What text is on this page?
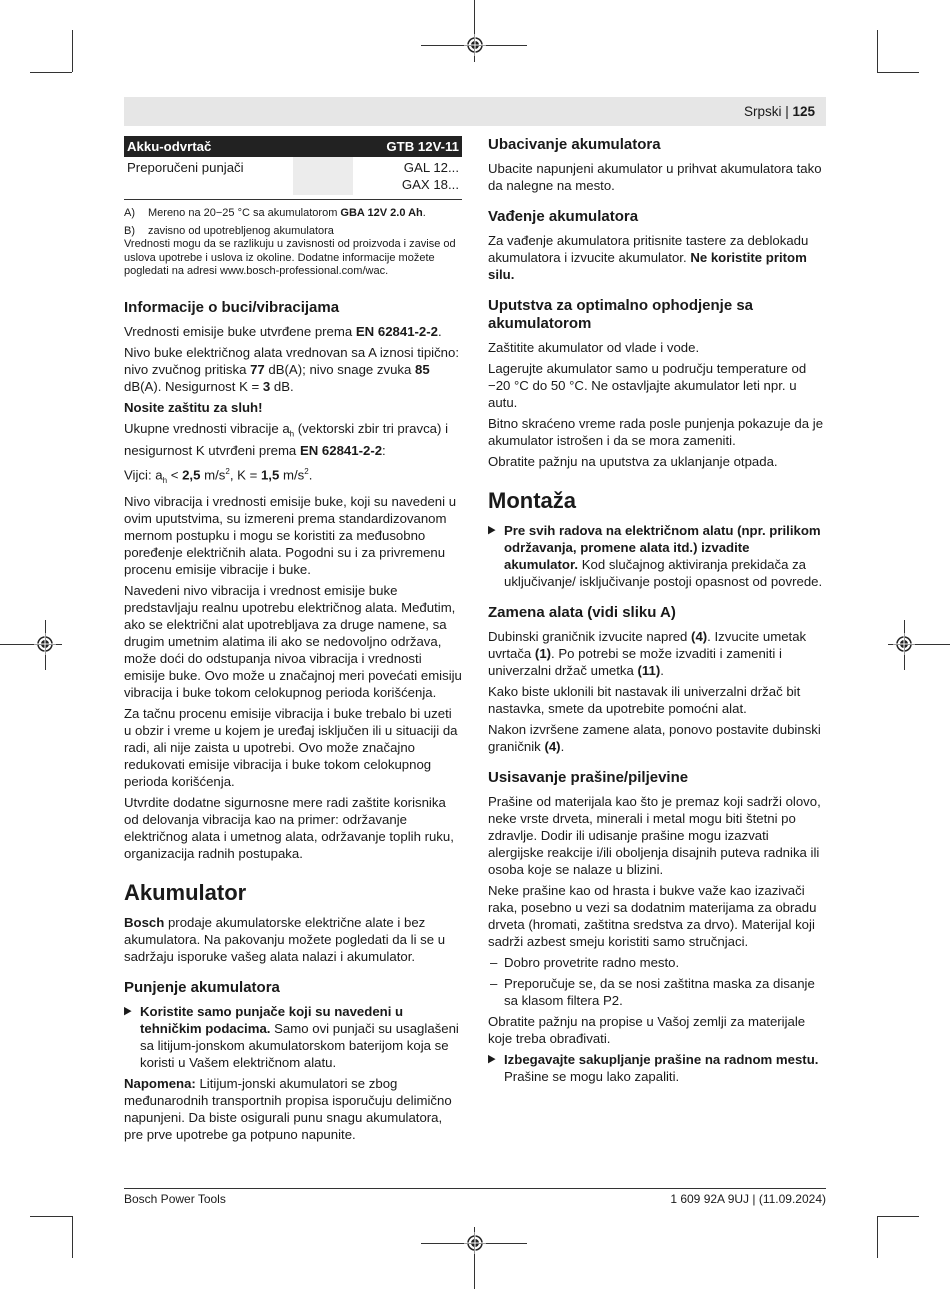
Srpski | 125
Akku-odvrtač		GTB 12V-11
Preporučeni punjači		GAL 12...
GAX 18...
A)	Mereno na 20−25 °C sa akumulatorom GBA 12V 2.0 Ah.
B)	zavisno od upotrebljenog akumulatora

Vrednosti mogu da se razlikuju u zavisnosti od proizvoda i zavise od uslova upotrebe i uslova iz okoline. Dodatne informacije možete pogledati na adresi www.bosch-professional.com/wac.

Informacije o buci/vibracijama

Vrednosti emisije buke utvrđene prema EN 62841-2-2.

Nivo buke električnog alata vrednovan sa A iznosi tipično: nivo zvučnog pritiska 77 dB(A); nivo snage zvuka 85 dB(A). Nesigurnost K = 3 dB.

Nosite zaštitu za sluh!

Ukupne vrednosti vibracije $a_h$ (vektorski zbir tri pravca) i nesigurnost K utvrđeni prema EN 62841-2-2:

Vijci: $a_h < 2,5$ $m/s^2$, K = 1,5 $m/s^2$.

Nivo vibracija i vrednosti emisije buke, koji su navedeni u ovim uputstvima, su izmereni prema standardizovanom mernom postupku i mogu se koristiti za međusobno poređenje električnih alata. Pogodni su i za privremenu procenu emisije vibracije i buke.

Navedeni nivo vibracija i vrednost emisije buke predstavljaju realnu upotrebu električnog alata. Međutim, ako se električni alat upotrebljava za druge namene, sa drugim umetnim alatima ili ako se nedovoljno održava, može doći do odstupanja nivoa vibracija i vrednosti emisije buke. Ovo može u značajnoj meri povećati emisiju vibracija i buke tokom celokupnog perioda korišćenja.

Za tačnu procenu emisije vibracija i buke trebalo bi uzeti u obzir i vreme u kojem je uređaj isključen ili u situaciji da radi, ali nije zaista u upotrebi. Ovo može značajno redukovati emisije vibracija i buke tokom celokupnog perioda korišćenja.

Utvrdite dodatne sigurnosne mere radi zaštite korisnika od delovanja vibracija kao na primer: održavanje električnog alata i umetnog alata, održavanje toplih ruku, organizacija radnih postupaka.

Akumulator

Bosch prodaje akumulatorske električne alate i bez akumulatora. Na pakovanju možete pogledati da li se u sadržaju isporuke vašeg alata nalazi i akumulator.

Punjenje akumulatora

▶ Koristite samo punjače koji su navedeni u tehničkim podacima. Samo ovi punjači su usaglašeni sa litijum-jonskom akumulatorskom baterijom koja se koristi u Vašem električnom alatu.

Napomena: Litijum-jonski akumulatori se zbog međunarodnih transportnih propisa isporučuju delimično napunjeni. Da biste osigurali punu snagu akumulatora, pre prve upotrebe ga potpuno napunite.

Ubacivanje akumulatora

Ubacite napunjeni akumulator u prihvat akumulatora tako da nalegne na mesto.

Vađenje akumulatora

Za vađenje akumulatora pritisnite tastere za deblokadu akumulatora i izvucite akumulator. Ne koristite pritom silu.

Uputstva za optimalno ophodjenje sa akumulatorom

Zaštitite akumulator od vlade i vode.

Lagerujte akumulator samo u području temperature od −20 °C do 50 °C. Ne ostavljajte akumulator leti npr. u autu.

Bitno skraćeno vreme rada posle punjenja pokazuje da je akumulator istrošen i da se mora zameniti.

Obratite pažnju na uputstva za uklanjanje otpada.

Montaža

▶ Pre svih radova na električnom alatu (npr. prilikom održavanja, promene alata itd.) izvadite akumulator. Kod slučajnog aktiviranja prekidača za uključivanje/ isključivanje postoji opasnost od povrede.

Zamena alata (vidi sliku A)

Dubinski graničnik izvucite napred (4). Izvucite umetak uvrtača (1). Po potrebi se može izvaditi i zameniti i univerzalni držač umetka (11).

Kako biste uklonili bit nastavak ili univerzalni držač bit nastavka, smete da upotrebite pomoćni alat.

Nakon izvršene zamene alata, ponovo postavite dubinski graničnik (4).

Usisavanje prašine/piljevine

Prašine od materijala kao što je premaz koji sadrži olovo, neke vrste drveta, minerali i metal mogu biti štetni po zdravlje. Dodir ili udisanje prašine mogu izazvati alergijske reakcije i/ili oboljenja disajnih puteva radnika ili osoba koje se nalaze u blizini.

Neke prašine kao od hrasta i bukve važe kao izazivači raka, posebno u vezi sa dodatnim materijama za obradu drveta (hromati, zaštitna sredstva za drvo). Materijal koji sadrži azbest smeju koristiti samo stručnjaci.

– Dobro provetrite radno mesto.

– Preporučuje se, da se nosi zaštitna maska za disanje sa klasom filtera P2.

Obratite pažnju na propise u Vašoj zemlji za materijale koje treba obrađivati.

▶ Izbegavajte sakupljanje prašine na radnom mestu. Prašine se mogu lako zapaliti.

Bosch Power Tools	1 609 92A 9UJ | (11.09.2024)
